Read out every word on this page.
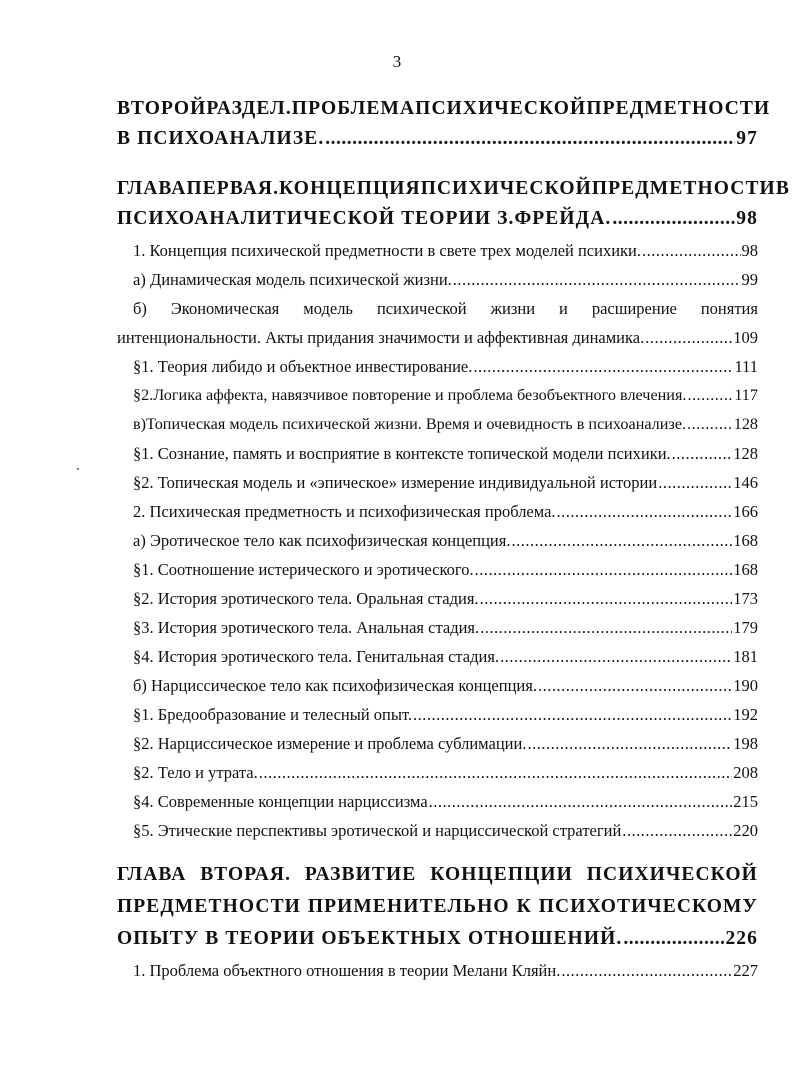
3
ВТОРОЙ РАЗДЕЛ. ПРОБЛЕМА ПСИХИЧЕСКОЙ ПРЕДМЕТНОСТИ
В ПСИХОАНАЛИЗЕ. .....	97
ГЛАВА ПЕРВАЯ. КОНЦЕПЦИЯ ПСИХИЧЕСКОЙ ПРЕДМЕТНОСТИ В
ПСИХОАНАЛИТИЧЕСКОЙ ТЕОРИИ З.ФРЕЙДА. .....	98
1. Концепция психической предметности в свете трех моделей психики. .....	98
а) Динамическая модель психической жизни. .....	99
б) Экономическая модель психической жизни и расширение понятия
интенциональности. Акты придания значимости и аффективная динамика. .....	109
§1. Теория либидо и объектное инвестирование. .....	111
§2.Логика аффекта, навязчивое повторение и проблема безобъектного влечения. .....	117
в)Топическая модель психической жизни. Время и очевидность в психоанализе. .....	128
§1. Сознание, память и восприятие в контексте топической модели психики. .....	128
§2. Топическая модель и «эпическое» измерение индивидуальной истории .....	146
2. Психическая предметность и психофизическая проблема. .....	166
а) Эротическое тело как психофизическая концепция. .....	168
§1. Соотношение истерического и эротического. .....	168
§2. История эротического тела. Оральная стадия. .....	173
§3. История эротического тела. Анальная стадия. .....	179
§4. История эротического тела. Генитальная стадия. .....	181
б) Нарциссическое тело как психофизическая концепция. .....	190
§1. Бредообразование и телесный опыт. .....	192
§2. Нарциссическое измерение и проблема сублимации. .....	198
§2. Тело и утрата. .....	208
§4. Современные концепции нарциссизма .....	215
§5. Этические перспективы эротической и нарциссической стратегий .....	220
ГЛАВА ВТОРАЯ. РАЗВИТИЕ КОНЦЕПЦИИ ПСИХИЧЕСКОЙ
ПРЕДМЕТНОСТИ ПРИМЕНИТЕЛЬНО К ПСИХОТИЧЕСКОМУ
ОПЫТУ В ТЕОРИИ ОБЪЕКТНЫХ ОТНОШЕНИЙ. .....	226
1. Проблема объектного отношения в теории Мелани Кляйн. .....	227
